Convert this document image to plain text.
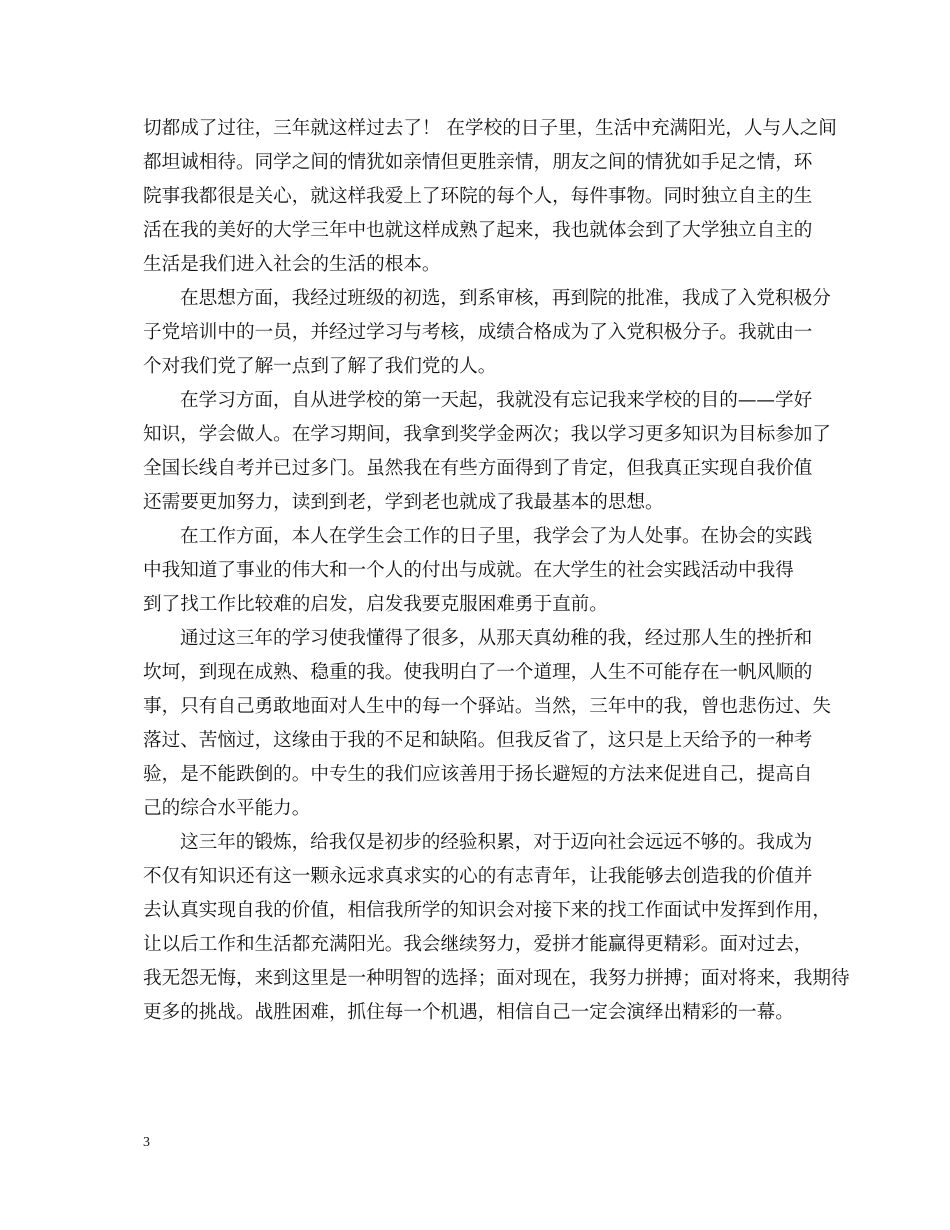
切都成了过往，三年就这样过去了！ 在学校的日子里，生活中充满阳光，人与人之间
都坦诚相待。同学之间的情犹如亲情但更胜亲情，朋友之间的情犹如手足之情，环
院事我都很是关心，就这样我爱上了环院的每个人，每件事物。同时独立自主的生
活在我的美好的大学三年中也就这样成熟了起来，我也就体会到了大学独立自主的
生活是我们进入社会的生活的根本。
在思想方面，我经过班级的初选，到系审核，再到院的批准，我成了入党积极分
子党培训中的一员，并经过学习与考核，成绩合格成为了入党积极分子。我就由一
个对我们党了解一点到了解了我们党的人。
在学习方面，自从进学校的第一天起，我就没有忘记我来学校的目的——学好
知识，学会做人。在学习期间，我拿到奖学金两次；我以学习更多知识为目标参加了
全国长线自考并已过多门。虽然我在有些方面得到了肯定，但我真正实现自我价值
还需要更加努力，读到到老，学到老也就成了我最基本的思想。
在工作方面，本人在学生会工作的日子里，我学会了为人处事。在协会的实践
中我知道了事业的伟大和一个人的付出与成就。在大学生的社会实践活动中我得
到了找工作比较难的启发，启发我要克服困难勇于直前。
通过这三年的学习使我懂得了很多，从那天真幼稚的我，经过那人生的挫折和
坎坷，到现在成熟、稳重的我。使我明白了一个道理，人生不可能存在一帆风顺的
事，只有自己勇敢地面对人生中的每一个驿站。当然，三年中的我，曾也悲伤过、失
落过、苦恼过，这缘由于我的不足和缺陷。但我反省了，这只是上天给予的一种考
验，是不能跌倒的。中专生的我们应该善用于扬长避短的方法来促进自己，提高自
己的综合水平能力。
这三年的锻炼，给我仅是初步的经验积累，对于迈向社会远远不够的。我成为
不仅有知识还有这一颗永远求真求实的心的有志青年，让我能够去创造我的价值并
去认真实现自我的价值，相信我所学的知识会对接下来的找工作面试中发挥到作用，
让以后工作和生活都充满阳光。我会继续努力，爱拼才能赢得更精彩。面对过去，
我无怨无悔，来到这里是一种明智的选择；面对现在，我努力拼搏；面对将来，我期待
更多的挑战。战胜困难，抓住每一个机遇，相信自己一定会演绎出精彩的一幕。
3
